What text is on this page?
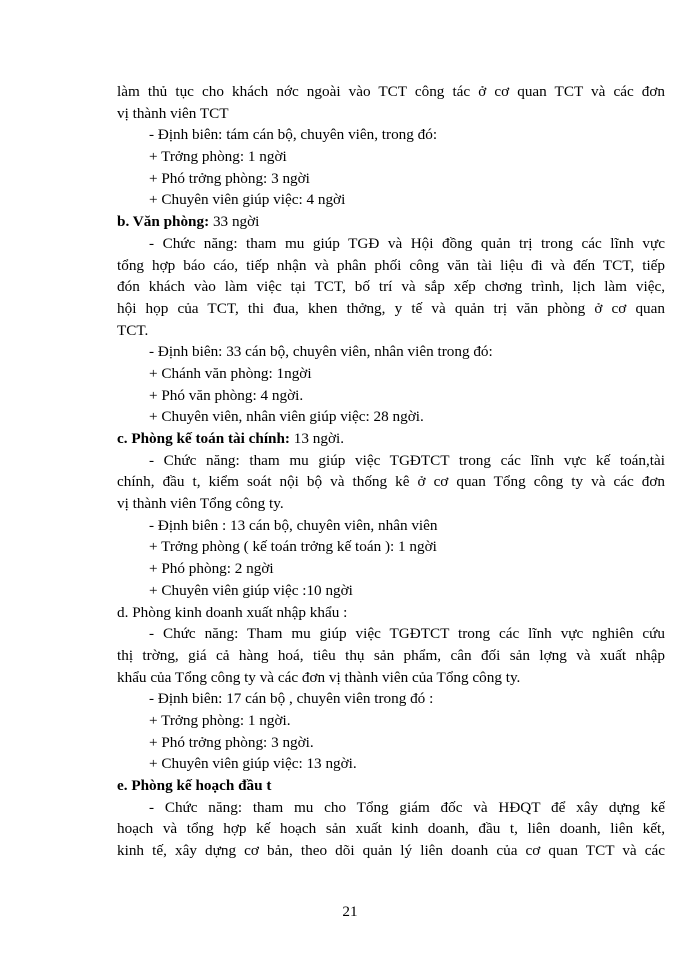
làm thủ tục cho khách nớc ngoài vào TCT công tác ở cơ quan TCT và các đơn
vị thành viên TCT
- Định biên: tám cán bộ, chuyên viên, trong đó:
+ Trởng phòng: 1 ngời
+ Phó trởng phòng: 3 ngời
+ Chuyên viên giúp việc: 4 ngời
b. Văn phòng: 33 ngời
- Chức năng: tham mu giúp TGĐ và Hội đồng quản trị trong các lĩnh vực
tổng hợp báo cáo, tiếp nhận và phân phối công văn tài liệu đi và đến TCT, tiếp
đón khách vào làm việc tại TCT, bố trí và sắp xếp chơng trình, lịch làm việc,
hội họp của TCT, thi đua, khen thởng, y tế và quản trị văn phòng ở cơ quan
TCT.
- Định biên: 33 cán bộ, chuyên viên, nhân viên trong đó:
+ Chánh văn phòng: 1ngời
+ Phó văn phòng: 4 ngời.
+ Chuyên viên, nhân viên giúp việc: 28 ngời.
c. Phòng kế toán tài chính: 13 ngời.
- Chức năng: tham mu giúp việc TGĐTCT trong các lĩnh vực kế toán,tài
chính, đầu t, kiểm soát nội bộ và thống kê ở cơ quan Tổng công ty và các đơn
vị thành viên Tổng công ty.
- Định biên : 13 cán bộ, chuyên viên, nhân viên
+ Trởng phòng ( kế toán trởng kế toán ): 1 ngời
+ Phó phòng: 2 ngời
+ Chuyên viên giúp việc :10 ngời
d. Phòng kinh doanh xuất nhập khẩu :
- Chức năng: Tham mu giúp việc TGĐTCT trong các lĩnh vực nghiên cứu
thị trờng, giá cả hàng hoá, tiêu thụ sản phẩm, cân đối sản lợng và xuất nhập
khẩu của Tổng công ty và các đơn vị thành viên của Tổng công ty.
- Định biên: 17 cán bộ , chuyên viên trong đó :
+ Trởng phòng: 1 ngời.
+ Phó trởng phòng: 3 ngời.
+ Chuyên viên giúp việc: 13 ngời.
e. Phòng kế hoạch đầu t
- Chức năng: tham mu cho Tổng giám đốc và HĐQT để xây dựng kế
hoạch và tổng hợp kế hoạch sản xuất kinh doanh, đầu t, liên doanh, liên kết,
kinh tế, xây dựng cơ bản, theo dõi quản lý liên doanh của cơ quan TCT và các
21
